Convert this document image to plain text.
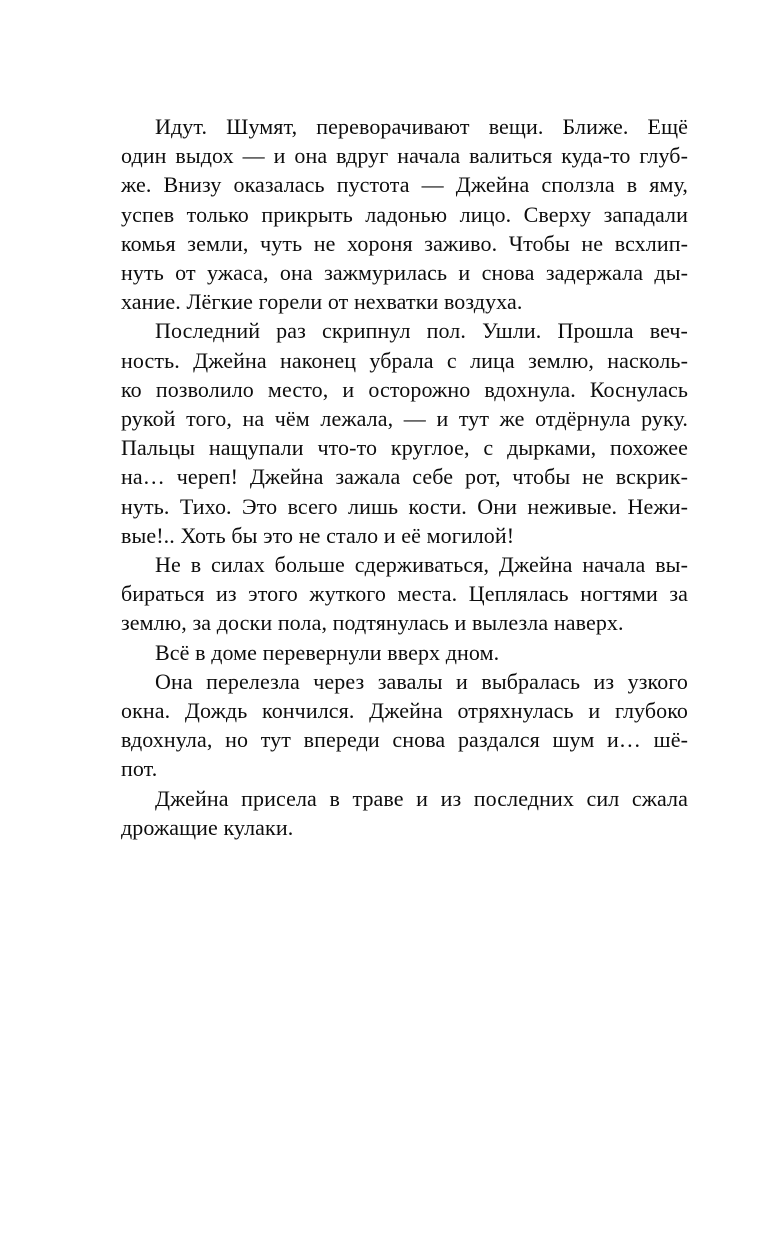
Идут. Шумят, переворачивают вещи. Ближе. Ещё
один выдох — и она вдруг начала валиться куда-то глуб-
же. Внизу оказалась пустота — Джейна сползла в яму,
успев только прикрыть ладонью лицо. Сверху западали
комья земли, чуть не хороня заживо. Чтобы не всхлип-
нуть от ужаса, она зажмурилась и снова задержала ды-
хание. Лёгкие горели от нехватки воздуха.
Последний раз скрипнул пол. Ушли. Прошла веч-
ность. Джейна наконец убрала с лица землю, насколь-
ко позволило место, и осторожно вдохнула. Коснулась
рукой того, на чём лежала, — и тут же отдёрнула руку.
Пальцы нащупали что-то круглое, с дырками, похожее
на… череп! Джейна зажала себе рот, чтобы не вскрик-
нуть. Тихо. Это всего лишь кости. Они неживые. Нежи-
вые!.. Хоть бы это не стало и её могилой!
Не в силах больше сдерживаться, Джейна начала вы-
бираться из этого жуткого места. Цеплялась ногтями за
землю, за доски пола, подтянулась и вылезла наверх.
Всё в доме перевернули вверх дном.
Она перелезла через завалы и выбралась из узкого
окна. Дождь кончился. Джейна отряхнулась и глубоко
вдохнула, но тут впереди снова раздался шум и… шё-
пот.
Джейна присела в траве и из последних сил сжала
дрожащие кулаки.
